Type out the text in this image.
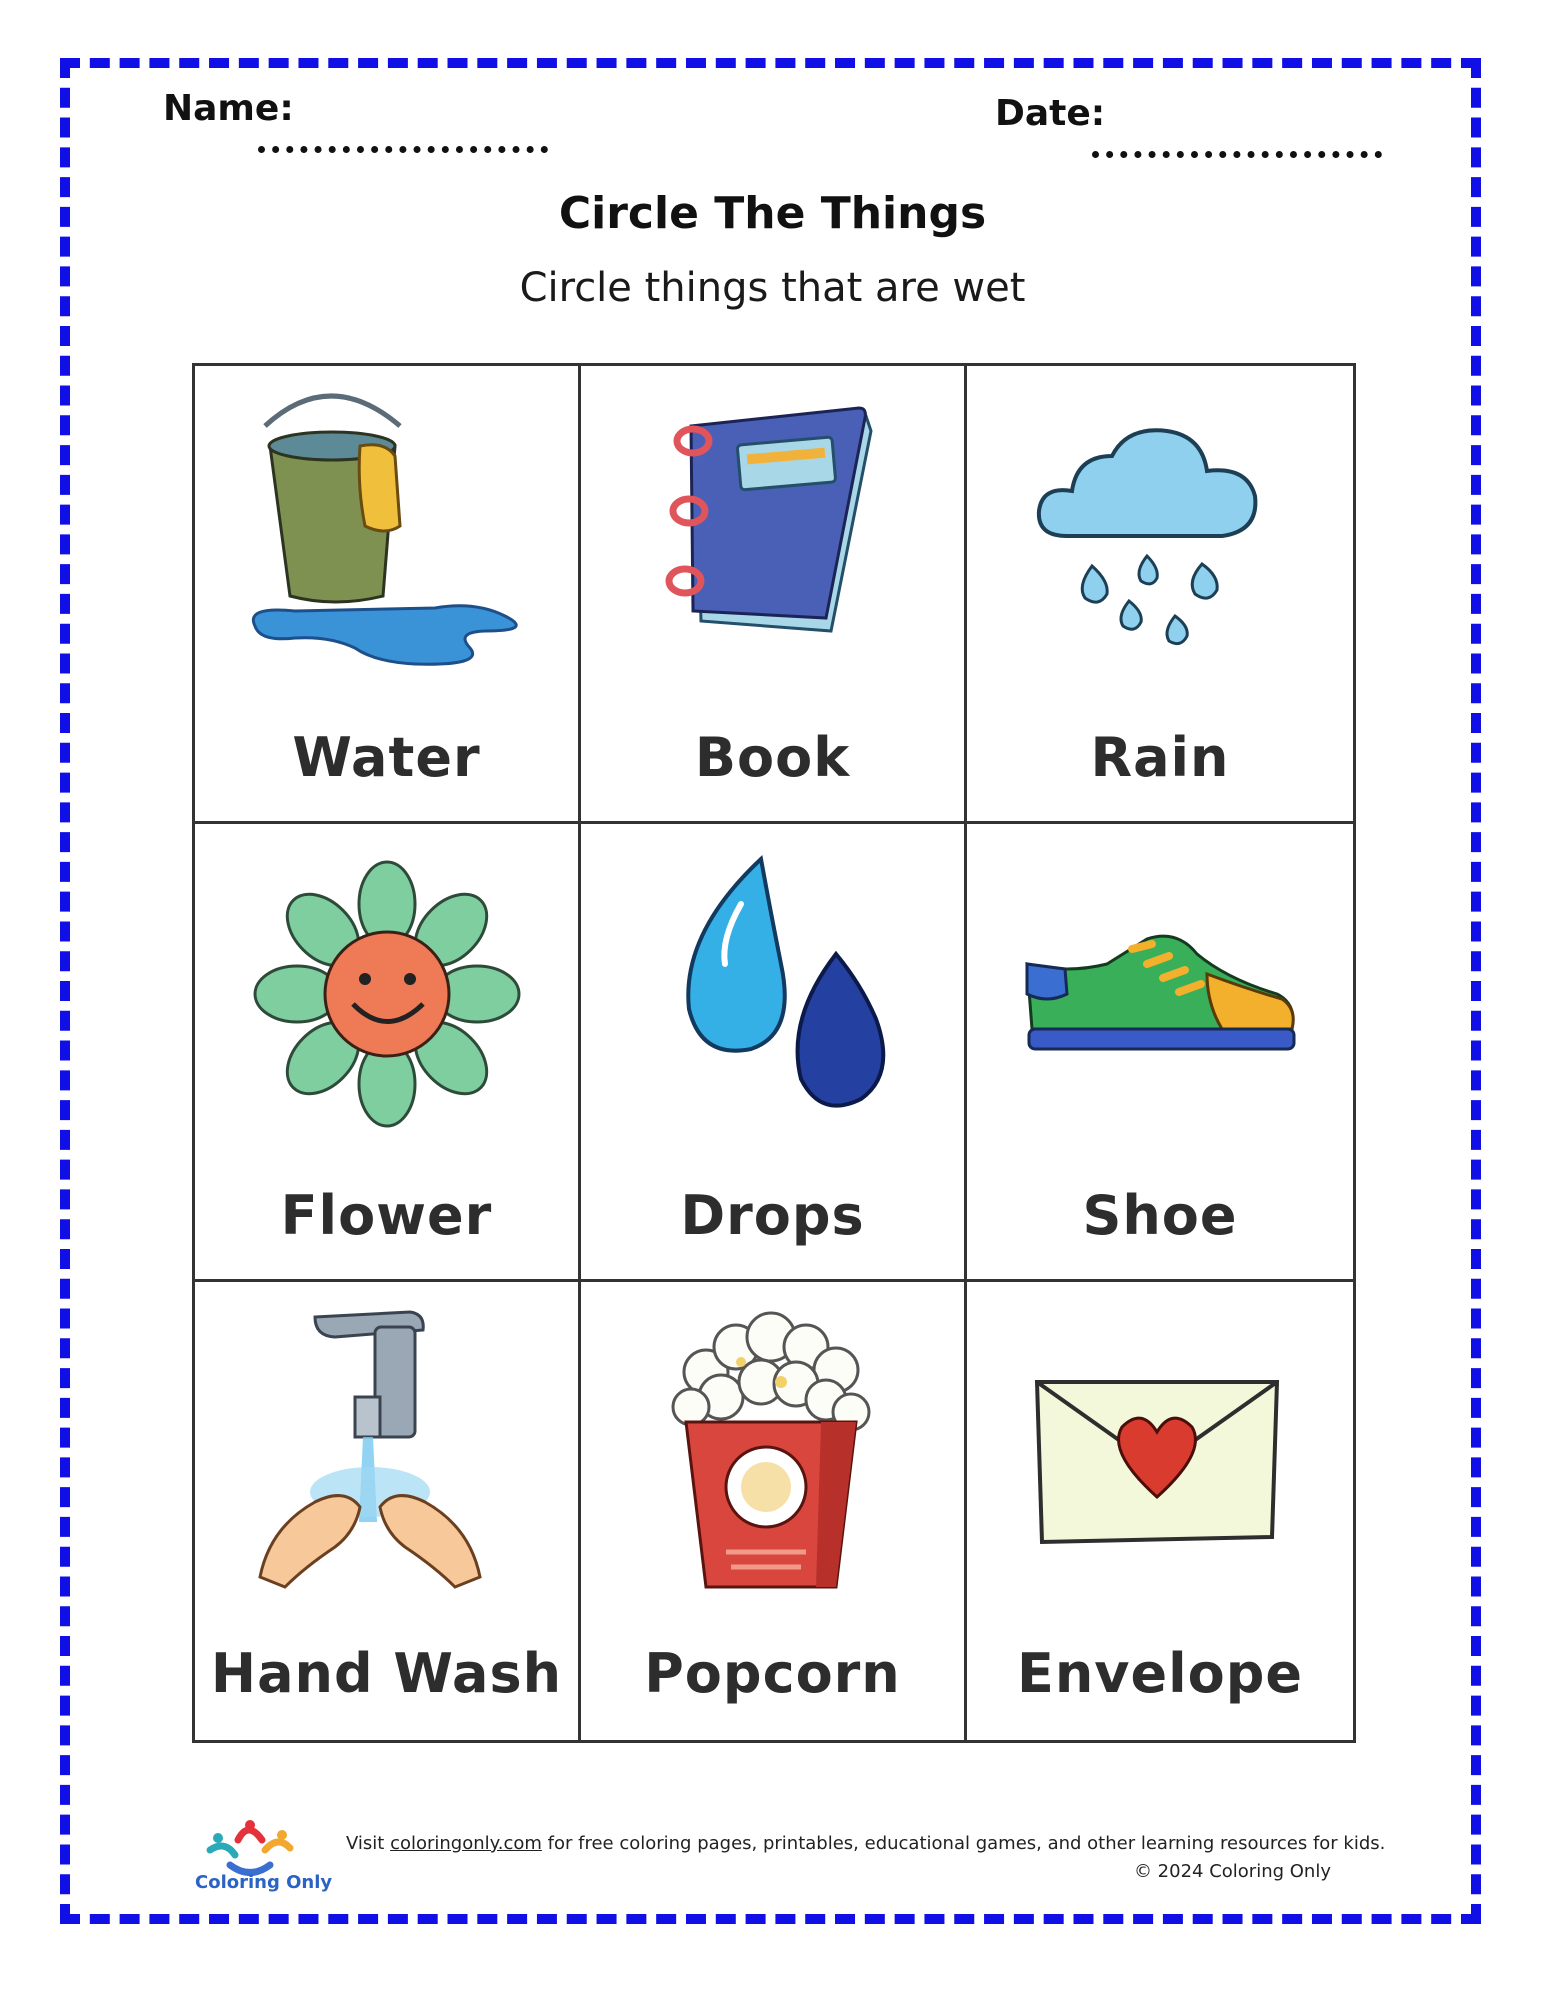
Name:	Date:
Circle The Things
Circle things that are wet
Water	Book	Rain
Flower	Drops	Shoe
Hand Wash	Popcorn	Envelope
Coloring Only
Visit coloringonly.com for free coloring pages, printables, educational games, and other learning resources for kids.
© 2024 Coloring Only
